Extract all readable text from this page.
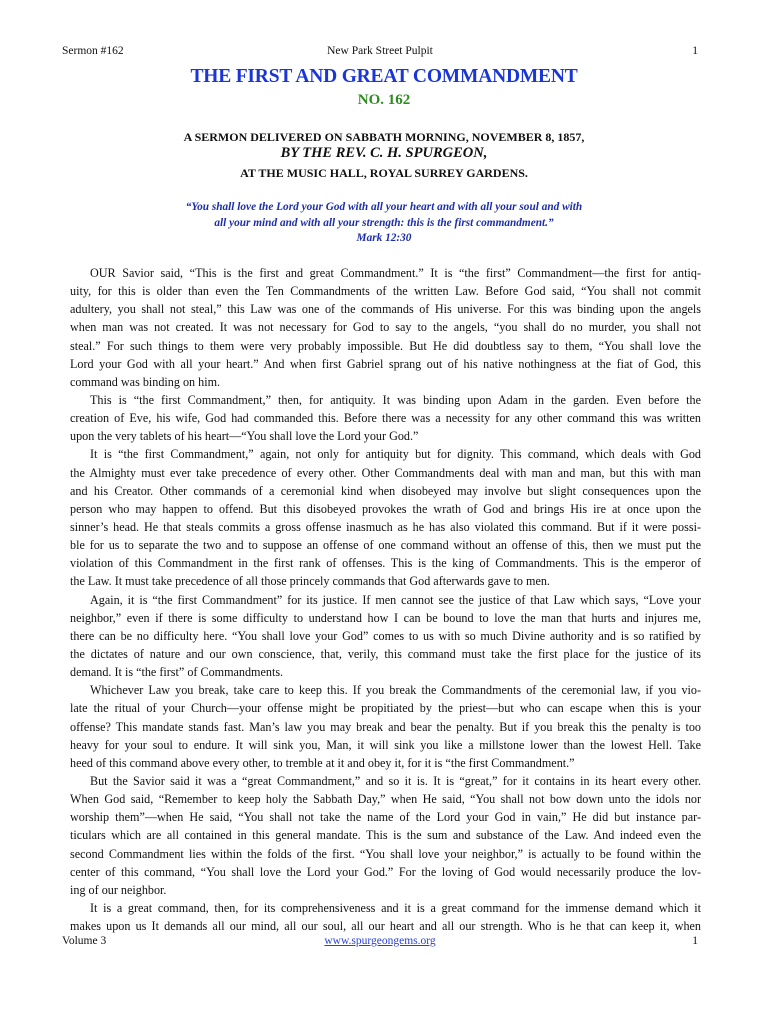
Sermon #162	New Park Street Pulpit	1
THE FIRST AND GREAT COMMANDMENT
NO. 162
A SERMON DELIVERED ON SABBATH MORNING, NOVEMBER 8, 1857,
BY THE REV. C. H. SPURGEON,
AT THE MUSIC HALL, ROYAL SURREY GARDENS.
“You shall love the Lord your God with all your heart and with all your soul and with
all your mind and with all your strength: this is the first commandment.”
Mark 12:30
OUR Savior said, “This is the first and great Commandment.” It is “the first” Commandment—the first for antiq-
uity, for this is older than even the Ten Commandments of the written Law. Before God said, “You shall not commit
adultery, you shall not steal,” this Law was one of the commands of His universe. For this was binding upon the angels
when man was not created. It was not necessary for God to say to the angels, “you shall do no murder, you shall not
steal.” For such things to them were very probably impossible. But He did doubtless say to them, “You shall love the
Lord your God with all your heart.” And when first Gabriel sprang out of his native nothingness at the fiat of God, this
command was binding on him.
This is “the first Commandment,” then, for antiquity. It was binding upon Adam in the garden. Even before the
creation of Eve, his wife, God had commanded this. Before there was a necessity for any other command this was written
upon the very tablets of his heart—“You shall love the Lord your God.”
It is “the first Commandment,” again, not only for antiquity but for dignity. This command, which deals with God
the Almighty must ever take precedence of every other. Other Commandments deal with man and man, but this with man
and his Creator. Other commands of a ceremonial kind when disobeyed may involve but slight consequences upon the
person who may happen to offend. But this disobeyed provokes the wrath of God and brings His ire at once upon the
sinner’s head. He that steals commits a gross offense inasmuch as he has also violated this command. But if it were possi-
ble for us to separate the two and to suppose an offense of one command without an offense of this, then we must put the
violation of this Commandment in the first rank of offenses. This is the king of Commandments. This is the emperor of
the Law. It must take precedence of all those princely commands that God afterwards gave to men.
Again, it is “the first Commandment” for its justice. If men cannot see the justice of that Law which says, “Love your
neighbor,” even if there is some difficulty to understand how I can be bound to love the man that hurts and injures me,
there can be no difficulty here. “You shall love your God” comes to us with so much Divine authority and is so ratified by
the dictates of nature and our own conscience, that, verily, this command must take the first place for the justice of its
demand. It is “the first” of Commandments.
Whichever Law you break, take care to keep this. If you break the Commandments of the ceremonial law, if you vio-
late the ritual of your Church—your offense might be propitiated by the priest—but who can escape when this is your
offense? This mandate stands fast. Man’s law you may break and bear the penalty. But if you break this the penalty is too
heavy for your soul to endure. It will sink you, Man, it will sink you like a millstone lower than the lowest Hell. Take
heed of this command above every other, to tremble at it and obey it, for it is “the first Commandment.”
But the Savior said it was a “great Commandment,” and so it is. It is “great,” for it contains in its heart every other.
When God said, “Remember to keep holy the Sabbath Day,” when He said, “You shall not bow down unto the idols nor
worship them”—when He said, “You shall not take the name of the Lord your God in vain,” He did but instance par-
ticulars which are all contained in this general mandate. This is the sum and substance of the Law. And indeed even the
second Commandment lies within the folds of the first. “You shall love your neighbor,” is actually to be found within the
center of this command, “You shall love the Lord your God.” For the loving of God would necessarily produce the lov-
ing of our neighbor.
It is a great command, then, for its comprehensiveness and it is a great command for the immense demand which it
makes upon us It demands all our mind, all our soul, all our heart and all our strength. Who is he that can keep it, when
Volume 3	www.spurgeongems.org	1
